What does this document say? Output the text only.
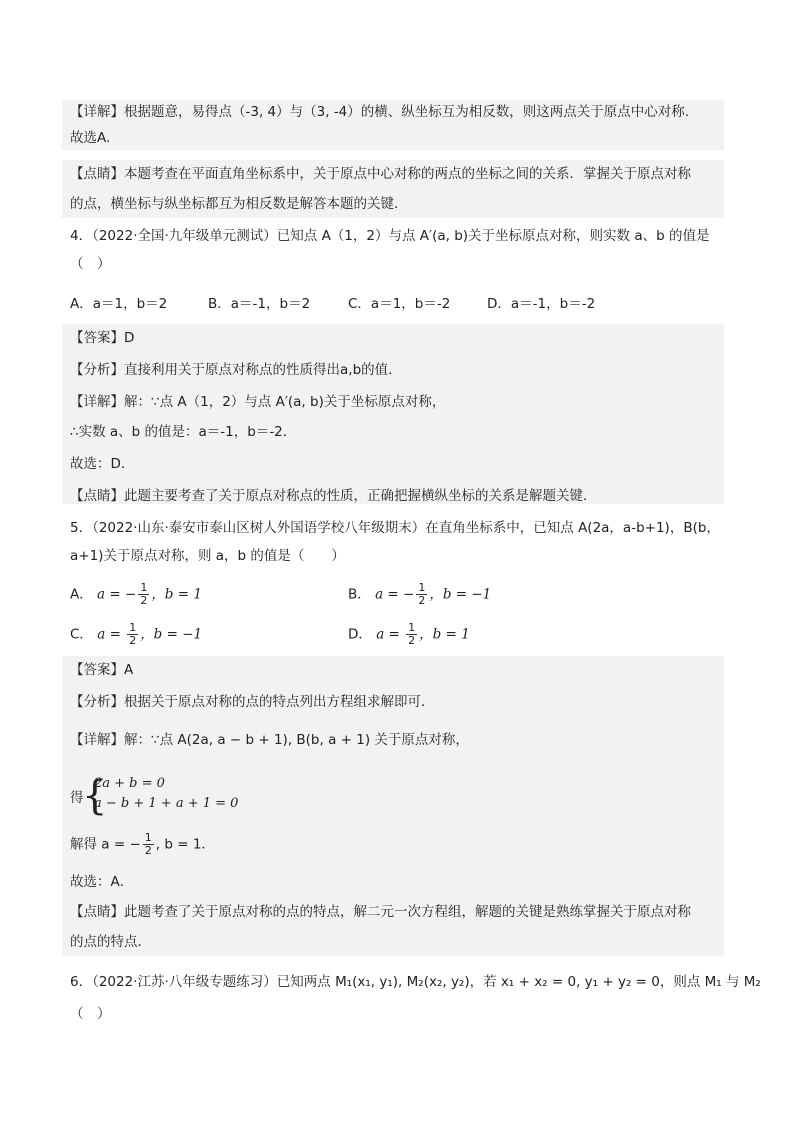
【详解】根据题意，易得点（-3, 4）与（3, -4）的横、纵坐标互为相反数，则这两点关于原点中心对称.
故选A.
【点睛】本题考查在平面直角坐标系中，关于原点中心对称的两点的坐标之间的关系．掌握关于原点对称
的点，横坐标与纵坐标都互为相反数是解答本题的关键．
4．（2022·全国·九年级单元测试）已知点 A（1，2）与点 A′(a, b)关于坐标原点对称，则实数 a、b 的值是
（　）
A．a＝1，b＝2	B．a＝-1，b＝2	C．a＝1，b＝-2	D．a＝-1，b＝-2
【答案】D
【分析】直接利用关于原点对称点的性质得出a,b的值．
【详解】解：∵点 A（1，2）与点 A′(a, b)关于坐标原点对称，
∴实数 a、b 的值是：a＝-1，b＝-2．
故选：D．
【点睛】此题主要考查了关于原点对称点的性质，正确把握横纵坐标的关系是解题关键．
5．（2022·山东·泰安市泰山区树人外国语学校八年级期末）在直角坐标系中，已知点 A(2a，a-b+1)，B(b，
a+1)关于原点对称，则 a，b 的值是（　　）
A． a = − $\frac{1}{2}$ ，b = 1	B． a = − $\frac{1}{2}$ ，b = −1
C． $a = \frac{1}{2}$ ，b = −1	D． $a = \frac{1}{2}$ ，b = 1
【答案】A
【分析】根据关于原点对称的点的特点列出方程组求解即可．
【详解】解：∵点 A(2a, a − b + 1), B(b, a + 1) 关于原点对称，
得
{
2a + b = 0
a − b + 1 + a + 1 = 0
解得 a = − $\frac{1}{2}$ , b = 1．
故选：A．
【点睛】此题考查了关于原点对称的点的特点，解二元一次方程组，解题的关键是熟练掌握关于原点对称
的点的特点．
6．（2022·江苏·八年级专题练习）已知两点 M₁(x₁, y₁), M₂(x₂, y₂)，若 x₁ + x₂ = 0, y₁ + y₂ = 0，则点 M₁ 与 M₂
（　）
